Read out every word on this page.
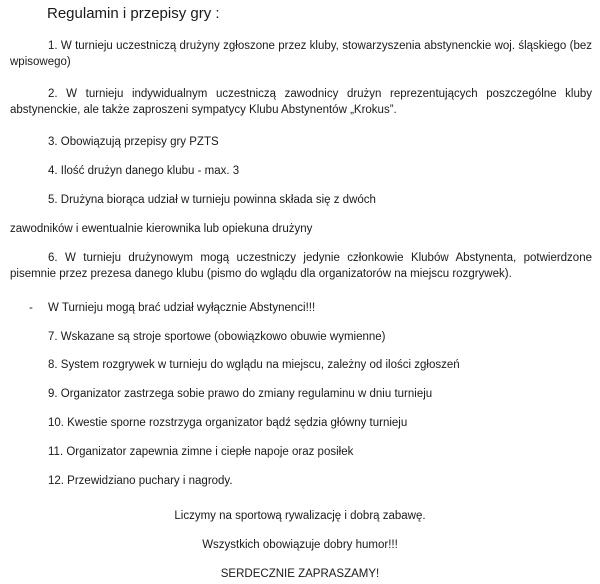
Regulamin i przepisy gry :
1. W turnieju uczestniczą drużyny zgłoszone przez kluby, stowarzyszenia abstynenckie woj. śląskiego (bez wpisowego)
2. W turnieju indywidualnym uczestniczą zawodnicy drużyn reprezentujących poszczególne kluby abstynenckie, ale także zaproszeni sympatycy Klubu Abstynentów „Krokus”.
3. Obowiązują przepisy gry PZTS
4. Ilość drużyn danego klubu - max. 3
5. Drużyna biorąca udział w turnieju powinna składa się z dwóch
zawodników i ewentualnie kierownika lub opiekuna drużyny
6. W turnieju drużynowym mogą uczestniczy jedynie członkowie Klubów Abstynenta, potwierdzone pisemnie przez prezesa danego klubu (pismo do wglądu dla organizatorów na miejscu rozgrywek).
- W Turnieju mogą brać udział wyłącznie Abstynenci!!!
7. Wskazane są stroje sportowe (obowiązkowo obuwie wymienne)
8. System rozgrywek w turnieju do wglądu na miejscu, zależny od ilości zgłoszeń
9. Organizator zastrzega sobie prawo do zmiany regulaminu w dniu turnieju
10. Kwestie sporne rozstrzyga organizator bądź sędzia główny turnieju
11. Organizator zapewnia zimne i ciepłe napoje oraz posiłek
12. Przewidziano puchary i nagrody.
Liczymy na sportową rywalizację i dobrą zabawę.
Wszystkich obowiązuje dobry humor!!!
SERDECZNIE ZAPRASZAMY!
